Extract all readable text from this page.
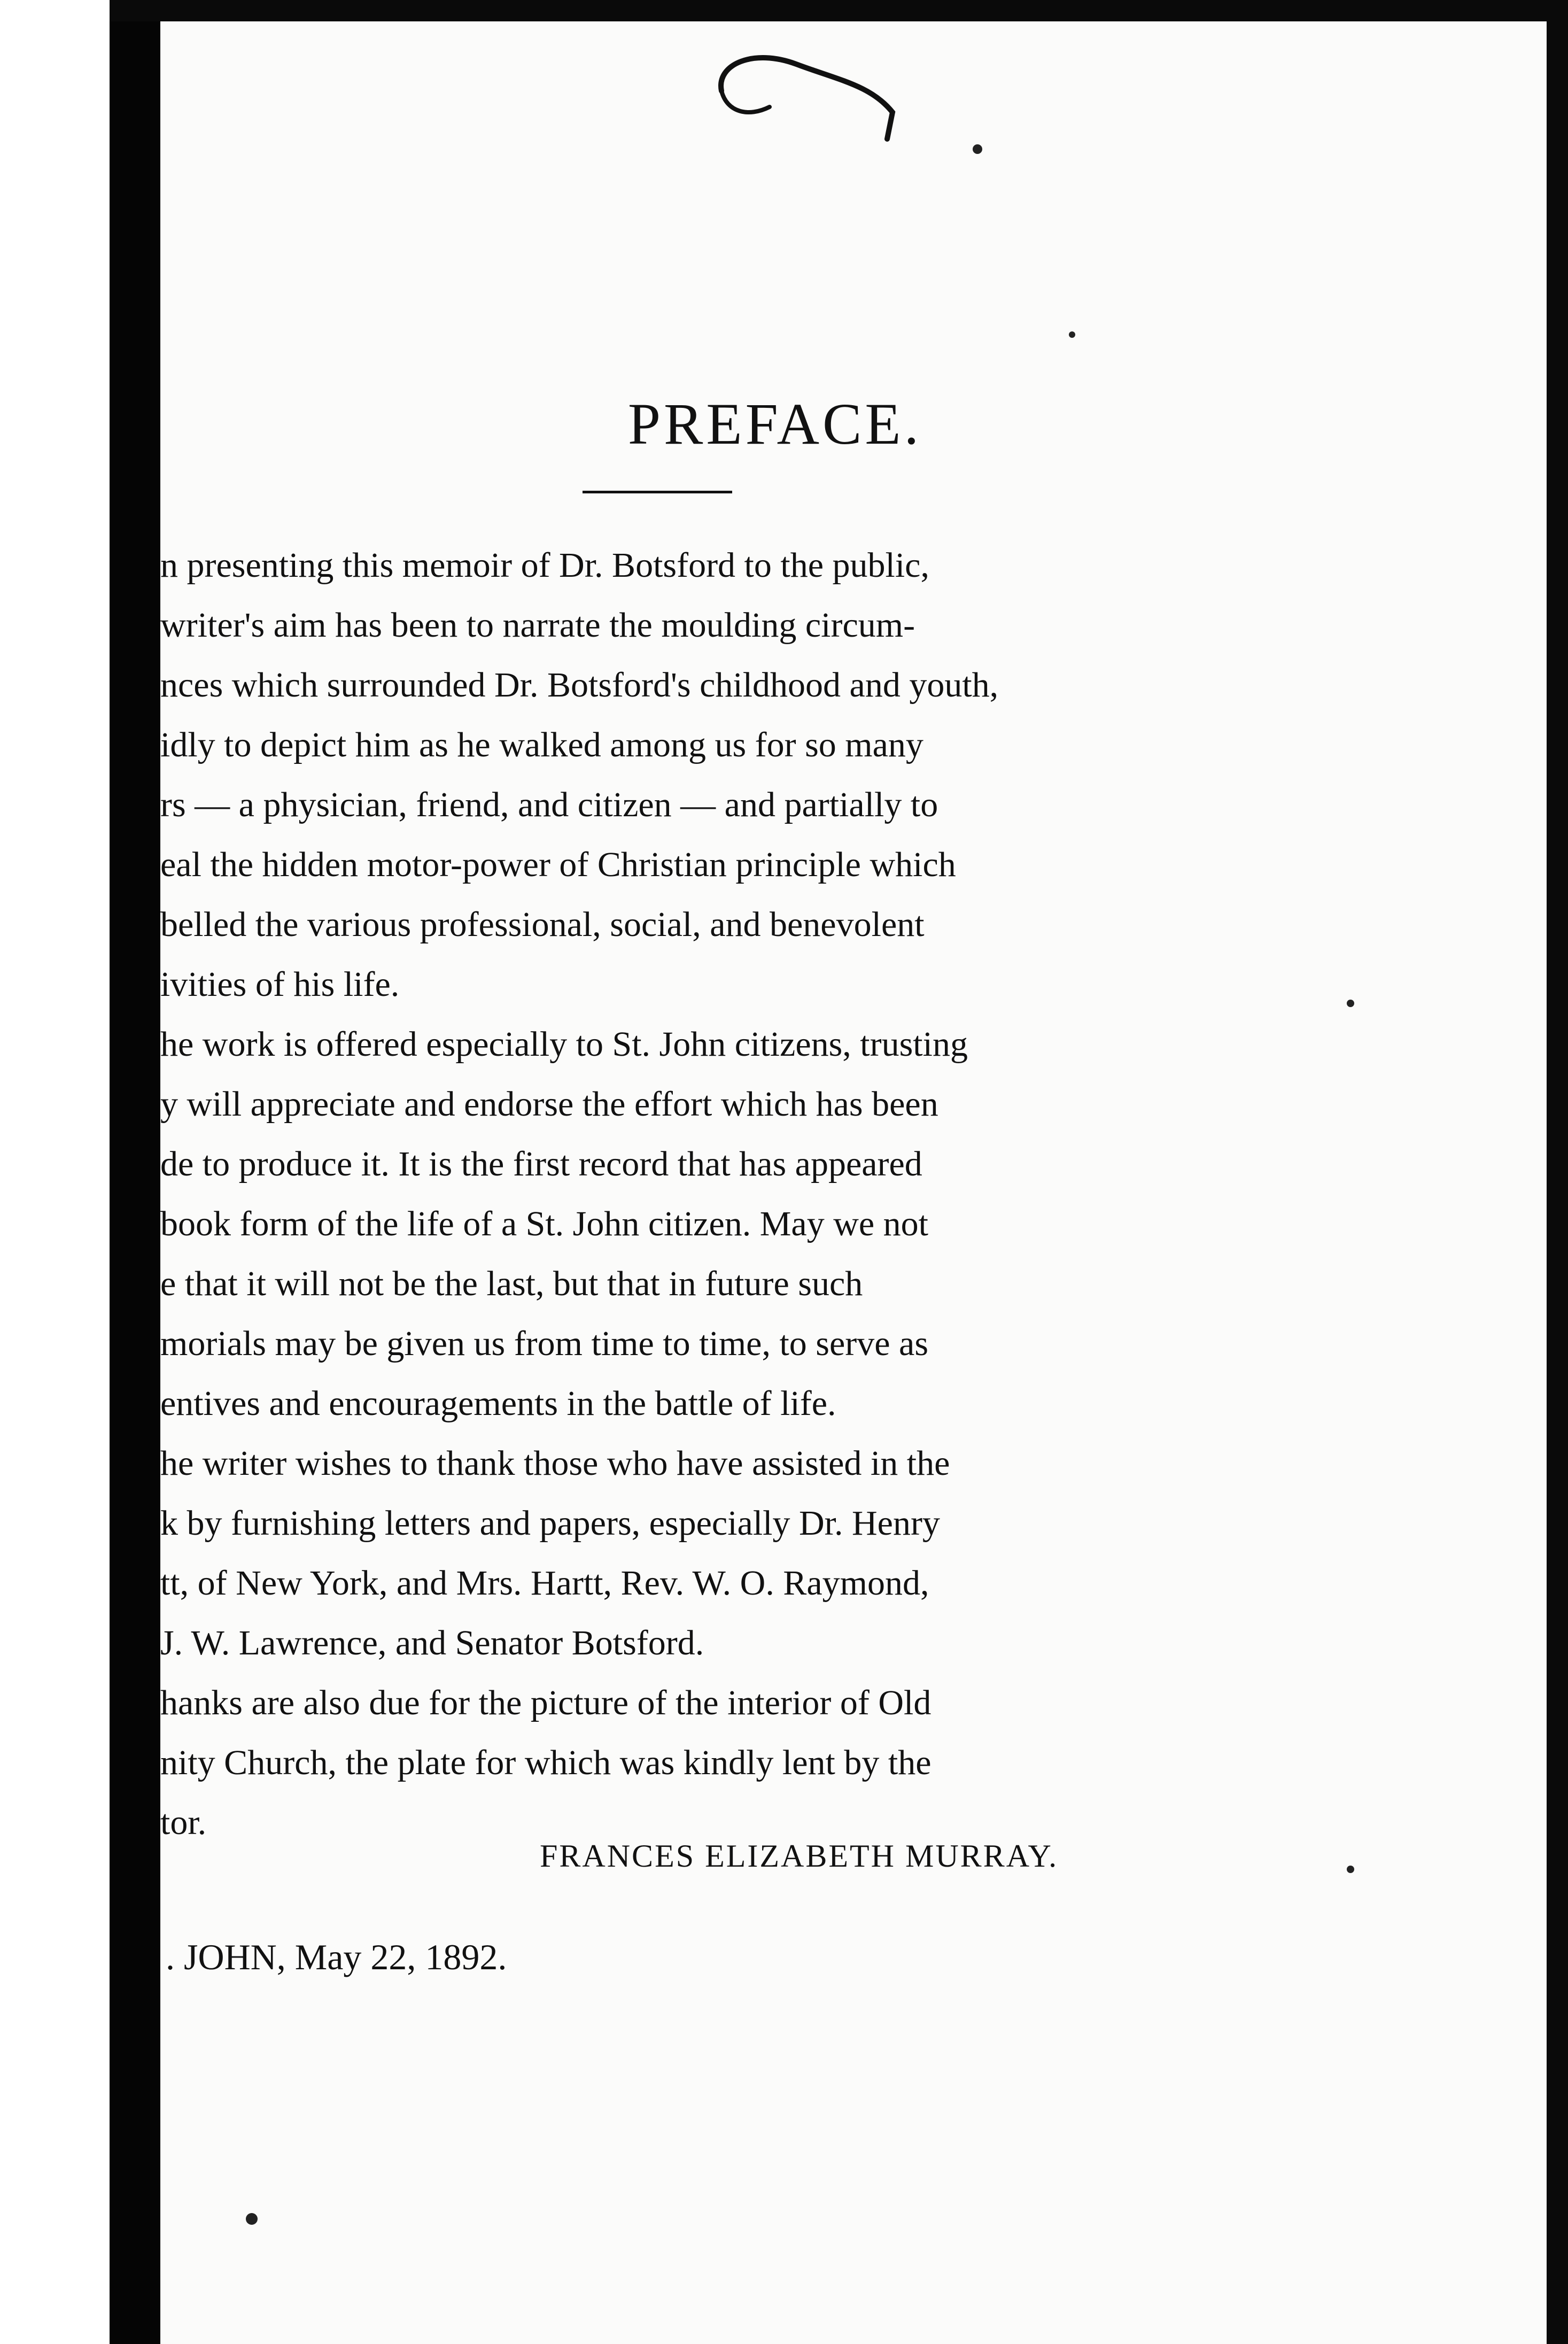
PREFACE.
n presenting this memoir of Dr. Botsford to the public,
writer's aim has been to narrate the moulding circum-
nces which surrounded Dr. Botsford's childhood and youth,
idly to depict him as he walked among us for so many
rs — a physician, friend, and citizen — and partially to
eal the hidden motor-power of Christian principle which
belled the various professional, social, and benevolent
ivities of his life.
he work is offered especially to St. John citizens, trusting
y will appreciate and endorse the effort which has been
de to produce it. It is the first record that has appeared
book form of the life of a St. John citizen. May we not
e that it will not be the last, but that in future such
morials may be given us from time to time, to serve as
entives and encouragements in the battle of life.
he writer wishes to thank those who have assisted in the
k by furnishing letters and papers, especially Dr. Henry
tt, of New York, and Mrs. Hartt, Rev. W. O. Raymond,
J. W. Lawrence, and Senator Botsford.
hanks are also due for the picture of the interior of Old
nity Church, the plate for which was kindly lent by the
tor.
FRANCES ELIZABETH MURRAY.
. JOHN, May 22, 1892.
